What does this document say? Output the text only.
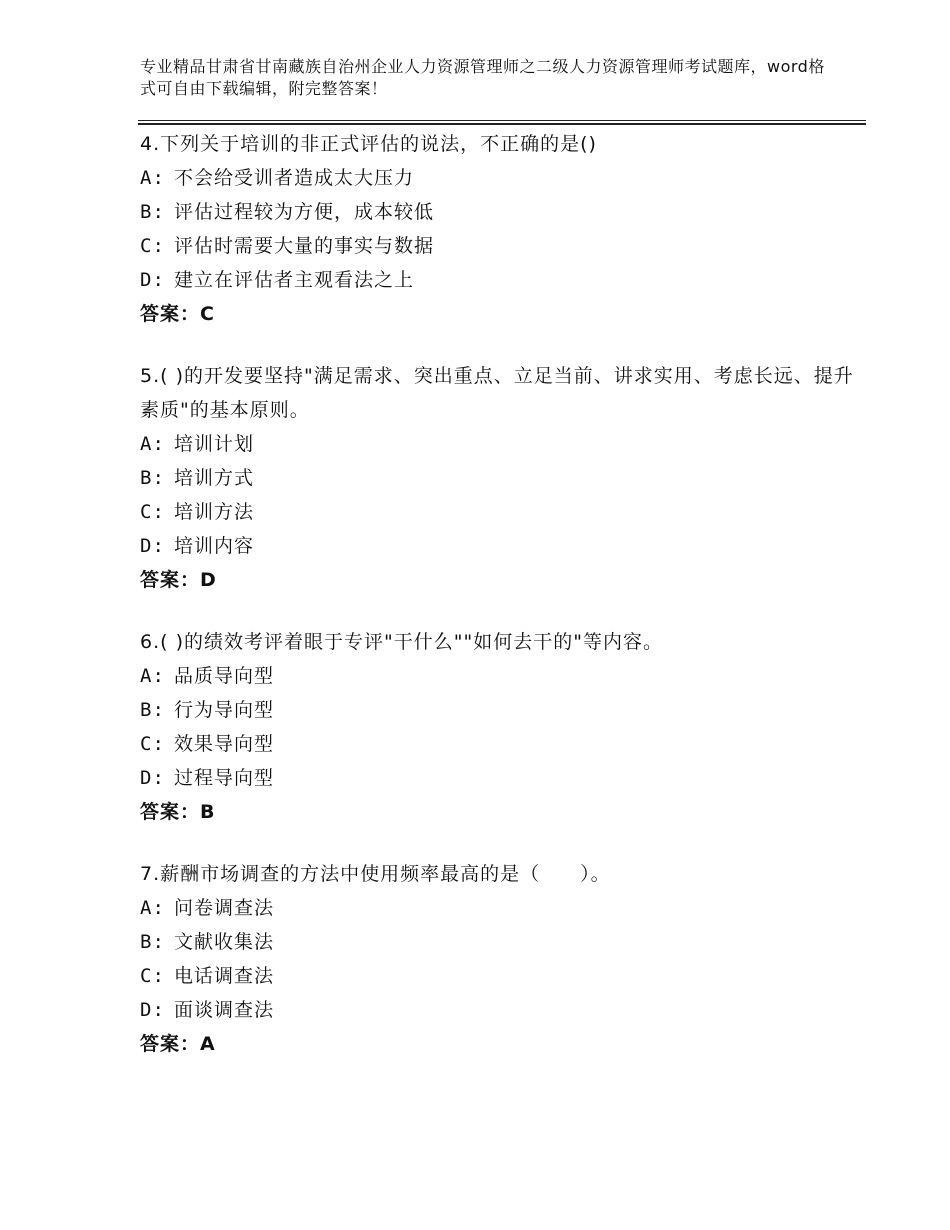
专业精品甘肃省甘南藏族自治州企业人力资源管理师之二级人力资源管理师考试题库，word格式可自由下载编辑，附完整答案！
4.下列关于培训的非正式评估的说法，不正确的是()
A: 不会给受训者造成太大压力
B: 评估过程较为方便，成本较低
C: 评估时需要大量的事实与数据
D: 建立在评估者主观看法之上
答案：C
5.( )的开发要坚持"满足需求、突出重点、立足当前、讲求实用、考虑长远、提升素质"的基本原则。
A: 培训计划
B: 培训方式
C: 培训方法
D: 培训内容
答案：D
6.( )的绩效考评着眼于专评"干什么""如何去干的"等内容。
A: 品质导向型
B: 行为导向型
C: 效果导向型
D: 过程导向型
答案：B
7.薪酬市场调查的方法中使用频率最高的是（　　）。
A: 问卷调查法
B: 文献收集法
C: 电话调查法
D: 面谈调查法
答案：A
